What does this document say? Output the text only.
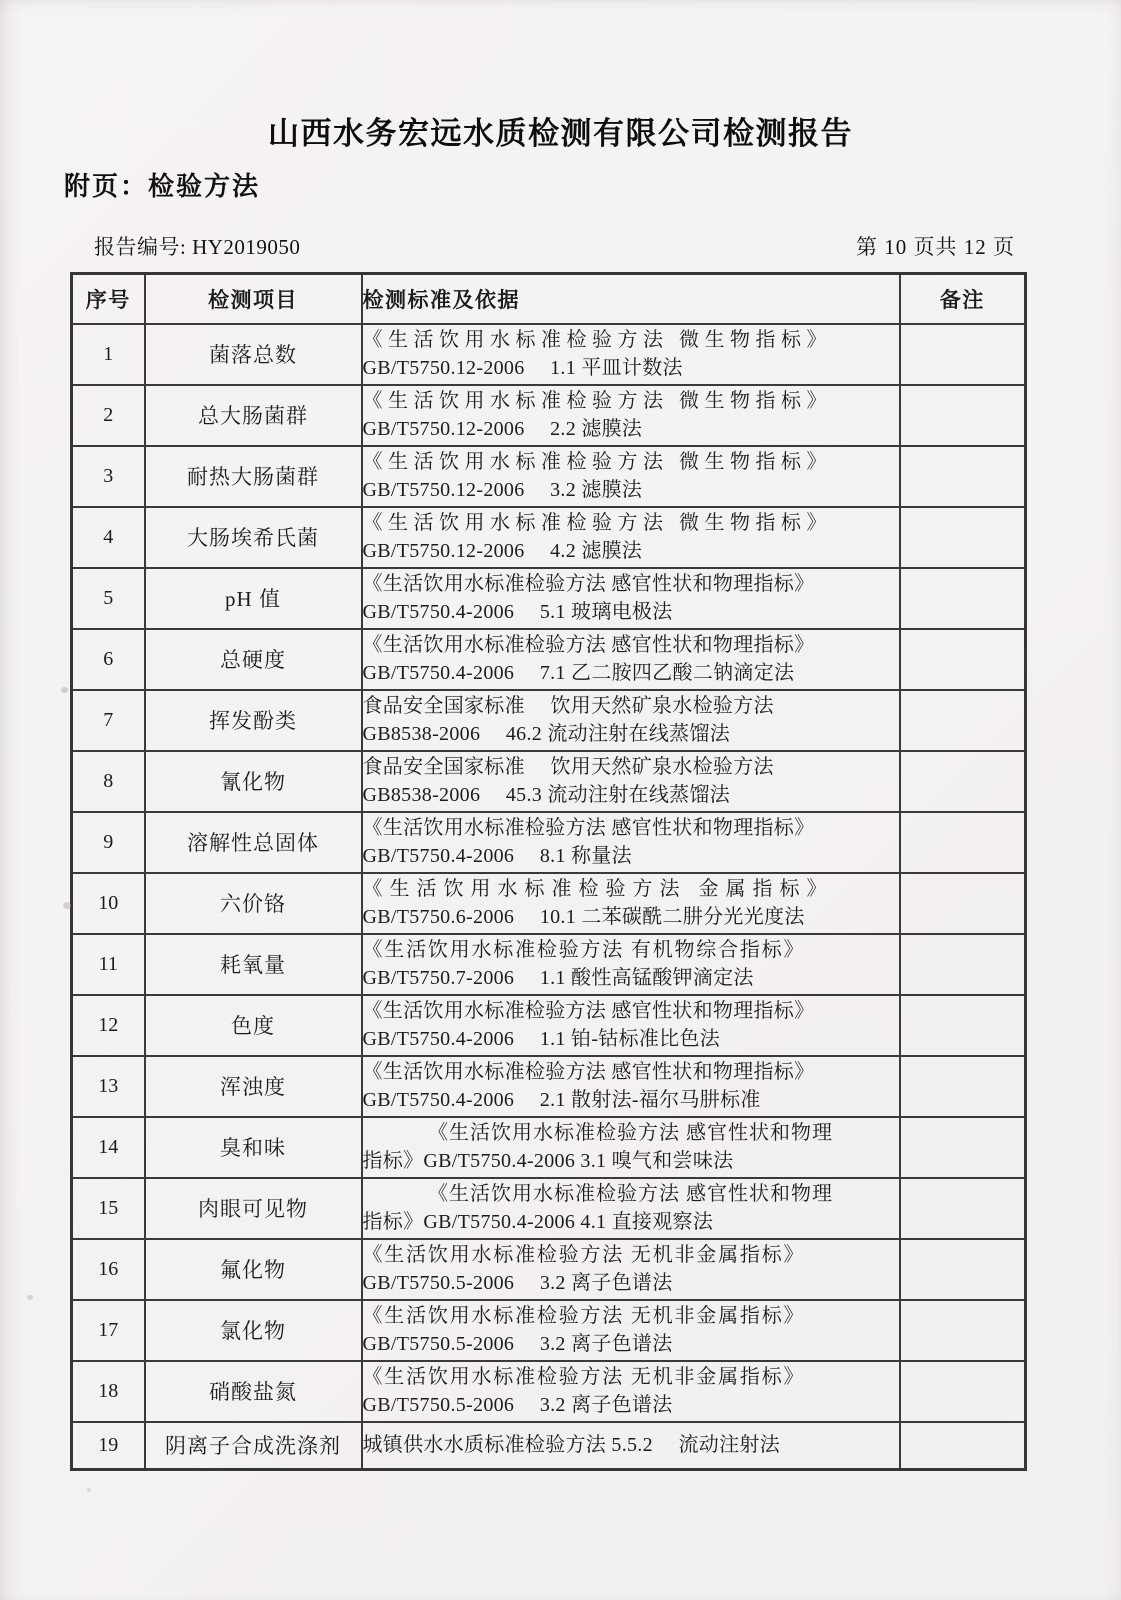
山西水务宏远水质检测有限公司检测报告
附页：检验方法
报告编号: HY2019050	第 10 页共 12 页
序号	检测项目	检测标准及依据	备注
1	菌落总数	《生活饮用水标准检验方法 微生物指标》
GB/T5750.12-2006　 1.1 平皿计数法	

2	总大肠菌群	《生活饮用水标准检验方法 微生物指标》
GB/T5750.12-2006　 2.2 滤膜法	

3	耐热大肠菌群	《生活饮用水标准检验方法 微生物指标》
GB/T5750.12-2006　 3.2 滤膜法	

4	大肠埃希氏菌	《生活饮用水标准检验方法 微生物指标》
GB/T5750.12-2006　 4.2 滤膜法	

5	pH 值	《生活饮用水标准检验方法 感官性状和物理指标》
GB/T5750.4-2006　 5.1 玻璃电极法	

6	总硬度	《生活饮用水标准检验方法 感官性状和物理指标》
GB/T5750.4-2006　 7.1 乙二胺四乙酸二钠滴定法	

7	挥发酚类	食品安全国家标准　 饮用天然矿泉水检验方法
GB8538-2006　 46.2 流动注射在线蒸馏法	

8	氰化物	食品安全国家标准　 饮用天然矿泉水检验方法
GB8538-2006　 45.3 流动注射在线蒸馏法	

9	溶解性总固体	《生活饮用水标准检验方法 感官性状和物理指标》
GB/T5750.4-2006　 8.1 称量法	

10	六价铬	《生活饮用水标准检验方法 金属指标》
GB/T5750.6-2006　 10.1 二苯碳酰二肼分光光度法	

11	耗氧量	《生活饮用水标准检验方法 有机物综合指标》
GB/T5750.7-2006　 1.1 酸性高锰酸钾滴定法	

12	色度	《生活饮用水标准检验方法 感官性状和物理指标》
GB/T5750.4-2006　 1.1 铂-钴标准比色法	

13	浑浊度	《生活饮用水标准检验方法 感官性状和物理指标》
GB/T5750.4-2006　 2.1 散射法-福尔马肼标准	

14	臭和味	《生活饮用水标准检验方法 感官性状和物理
指标》GB/T5750.4-2006 3.1 嗅气和尝味法	

15	肉眼可见物	《生活饮用水标准检验方法 感官性状和物理
指标》GB/T5750.4-2006 4.1 直接观察法	

16	氟化物	《生活饮用水标准检验方法 无机非金属指标》
GB/T5750.5-2006　 3.2 离子色谱法	

17	氯化物	《生活饮用水标准检验方法 无机非金属指标》
GB/T5750.5-2006　 3.2 离子色谱法	

18	硝酸盐氮	《生活饮用水标准检验方法 无机非金属指标》
GB/T5750.5-2006　 3.2 离子色谱法	

19	阴离子合成洗涤剂	城镇供水水质标准检验方法 5.5.2　 流动注射法	
